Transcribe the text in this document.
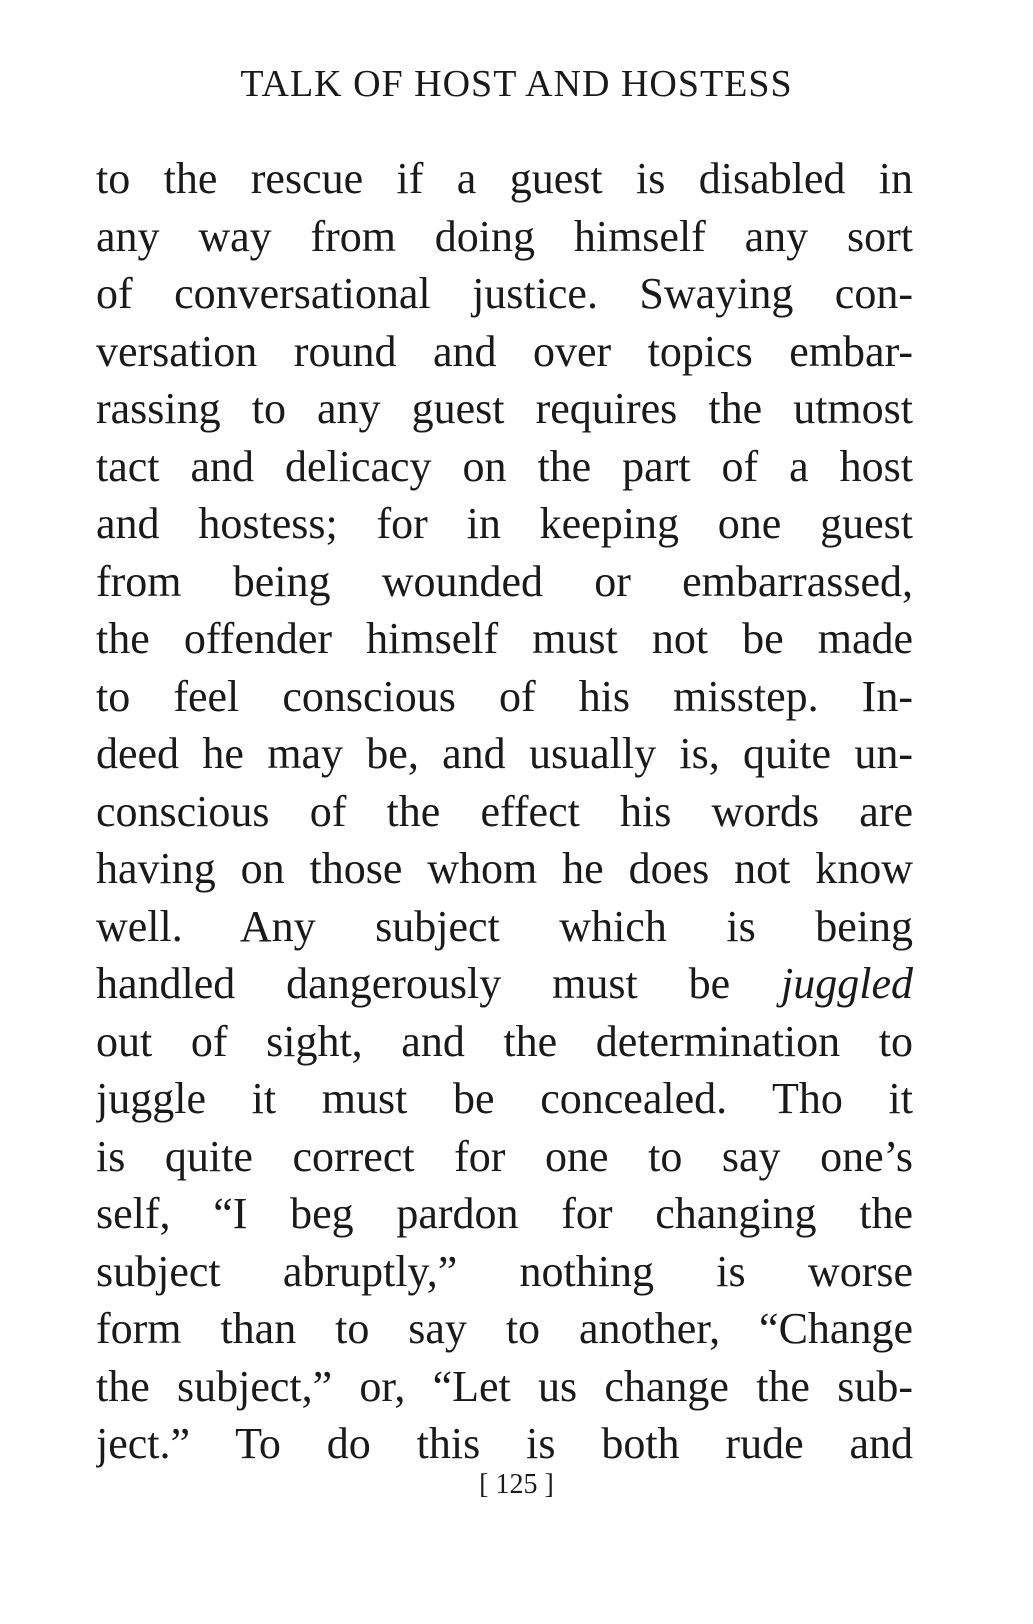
TALK OF HOST AND HOSTESS
to the rescue if a guest is disabled in
any way from doing himself any sort
of conversational justice. Swaying con-
versation round and over topics embar-
rassing to any guest requires the utmost
tact and delicacy on the part of a host
and hostess; for in keeping one guest
from being wounded or embarrassed,
the offender himself must not be made
to feel conscious of his misstep. In-
deed he may be, and usually is, quite un-
conscious of the effect his words are
having on those whom he does not know
well. Any subject which is being
handled dangerously must be juggled
out of sight, and the determination to
juggle it must be concealed. Tho it
is quite correct for one to say one’s
self, “I beg pardon for changing the
subject abruptly,” nothing is worse
form than to say to another, “Change
the subject,” or, “Let us change the sub-
ject.” To do this is both rude and
[ 125 ]
